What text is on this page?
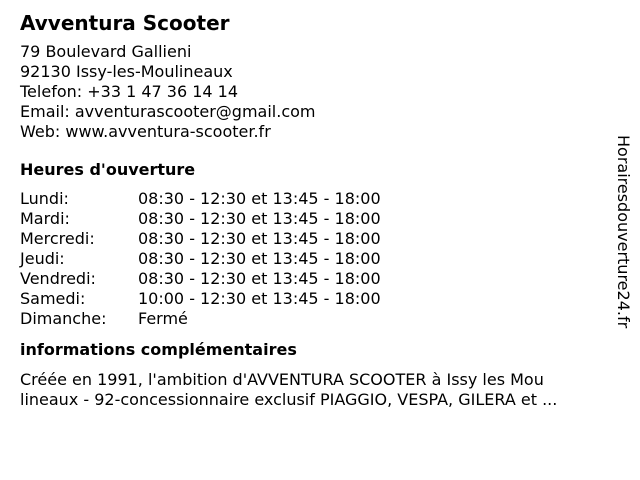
Avventura Scooter
79 Boulevard Gallieni
92130 Issy-les-Moulineaux
Telefon: +33 1 47 36 14 14
Email: avventurascooter@gmail.com
Web: www.avventura-scooter.fr
Heures d'ouverture
Lundi:	08:30 - 12:30 et 13:45 - 18:00
Mardi:	08:30 - 12:30 et 13:45 - 18:00
Mercredi:	08:30 - 12:30 et 13:45 - 18:00
Jeudi:	08:30 - 12:30 et 13:45 - 18:00
Vendredi:	08:30 - 12:30 et 13:45 - 18:00
Samedi:	10:00 - 12:30 et 13:45 - 18:00
Dimanche: Fermé
informations complémentaires
Créée en 1991, l'ambition d'AVVENTURA SCOOTER à Issy les Mou
lineaux - 92-concessionnaire exclusif PIAGGIO, VESPA, GILERA et ...
Horairesdouverture24.fr
